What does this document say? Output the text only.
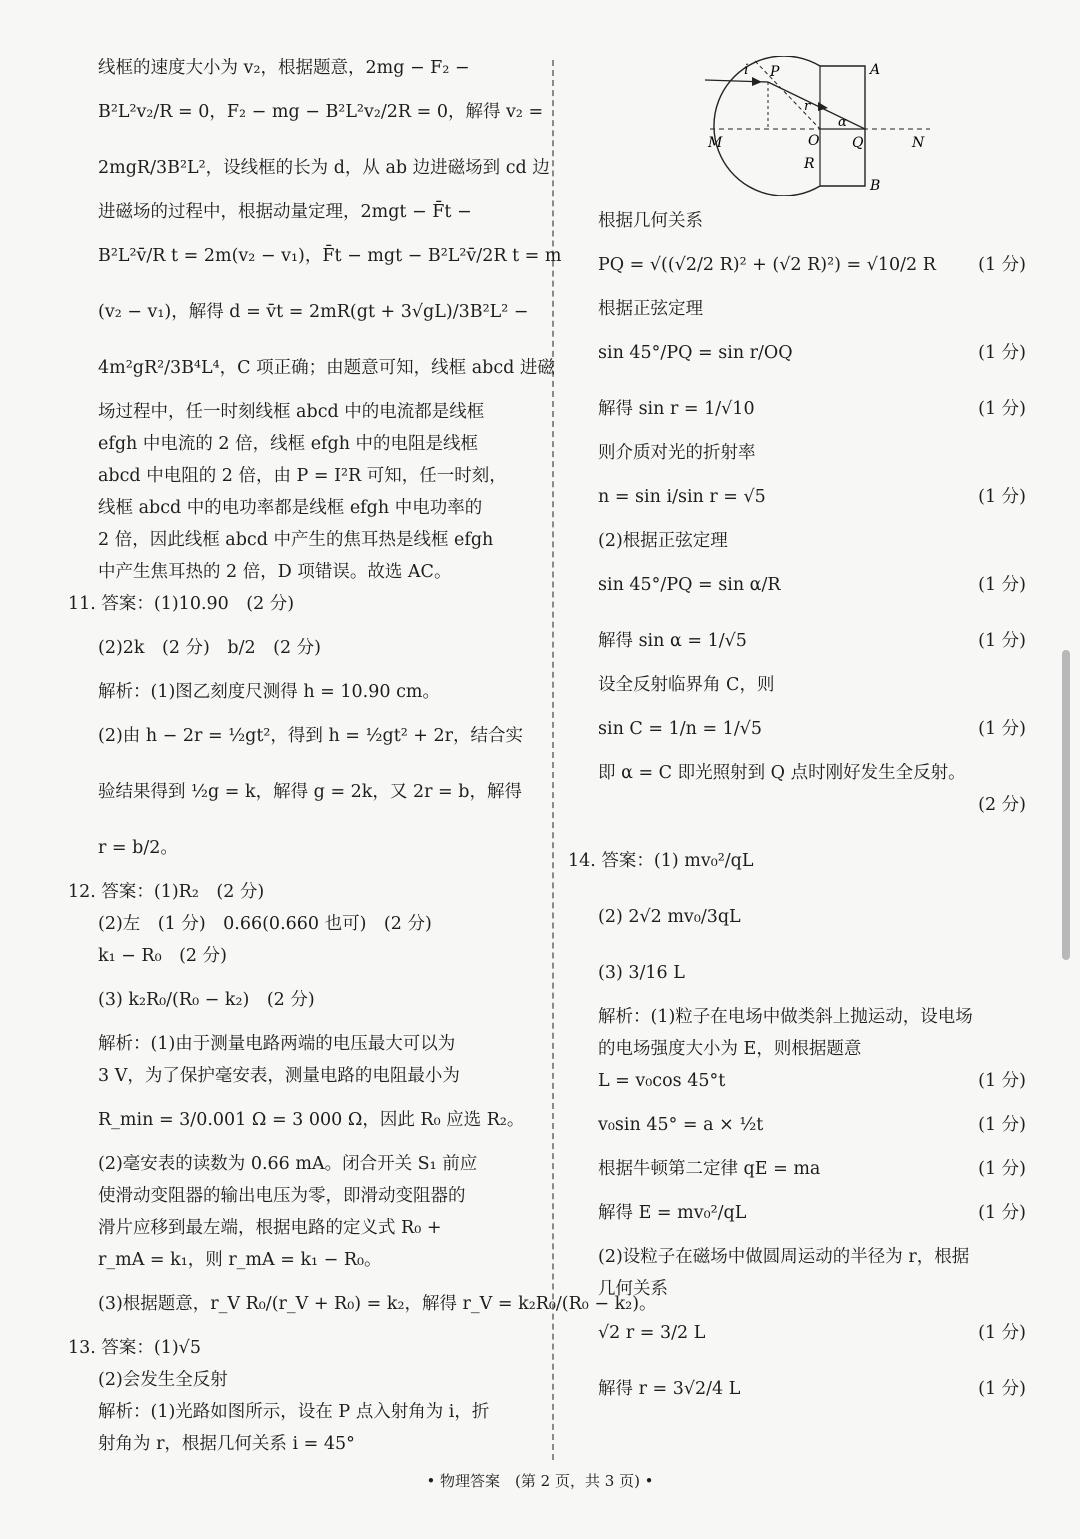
线框的速度大小为 v₂，根据题意，2mg − F₂ −
B²L²v₂/R = 0，F₂ − mg − B²L²v₂/2R = 0，解得 v₂ =
2mgR/3B²L²，设线框的长为 d，从 ab 边进磁场到 cd 边
进磁场的过程中，根据动量定理，2mgt − F̄t −
B²L²v̄/R t = 2m(v₂ − v₁)，F̄t − mgt − B²L²v̄/2R t = m
(v₂ − v₁)，解得 d = v̄t = 2mR(gt + 3√gL)/3B²L² −
4m²gR²/3B⁴L⁴，C 项正确；由题意可知，线框 abcd 进磁
场过程中，任一时刻线框 abcd 中的电流都是线框
efgh 中电流的 2 倍，线框 efgh 中的电阻是线框
abcd 中电阻的 2 倍，由 P = I²R 可知，任一时刻，
线框 abcd 中的电功率都是线框 efgh 中电功率的
2 倍，因此线框 abcd 中产生的焦耳热是线框 efgh
中产生焦耳热的 2 倍，D 项错误。故选 AC。
11. 答案：(1)10.90　(2 分)
(2)2k　(2 分)　b/2　(2 分)
解析：(1)图乙刻度尺测得 h = 10.90 cm。
(2)由 h − 2r = ½gt²，得到 h = ½gt² + 2r，结合实
验结果得到 ½g = k，解得 g = 2k，又 2r = b，解得
r = b/2。
12. 答案：(1)R₂　(2 分)
(2)左　(1 分)　0.66(0.660 也可)　(2 分)
k₁ − R₀　(2 分)
(3) k₂R₀/(R₀ − k₂)　(2 分)
解析：(1)由于测量电路两端的电压最大可以为
3 V，为了保护毫安表，测量电路的电阻最小为
R_min = 3/0.001 Ω = 3 000 Ω，因此 R₀ 应选 R₂。
(2)毫安表的读数为 0.66 mA。闭合开关 S₁ 前应
使滑动变阻器的输出电压为零，即滑动变阻器的
滑片应移到最左端，根据电路的定义式 R₀ +
r_mA = k₁，则 r_mA = k₁ − R₀。
(3)根据题意，r_V R₀/(r_V + R₀) = k₂，解得 r_V = k₂R₀/(R₀ − k₂)。
13. 答案：(1)√5
(2)会发生全反射
解析：(1)光路如图所示，设在 P 点入射角为 i，折
射角为 r，根据几何关系 i = 45°
i P	A
r
α
M	O Q	N
R
B
根据几何关系
PQ = √((√2/2 R)² + (√2 R)²) = √10/2 R (1 分)
根据正弦定理
sin 45°/PQ = sin r/OQ	(1 分)
解得 sin r = 1/√10	(1 分)
则介质对光的折射率
n = sin i/sin r = √5	(1 分)
(2)根据正弦定理
sin 45°/PQ = sin α/R	(1 分)
解得 sin α = 1/√5	(1 分)
设全反射临界角 C，则
sin C = 1/n = 1/√5	(1 分)
即 α = C 即光照射到 Q 点时刚好发生全反射。
(2 分)
14. 答案：(1) mv₀²/qL
(2) 2√2 mv₀/3qL
(3) 3/16 L
解析：(1)粒子在电场中做类斜上抛运动，设电场
的电场强度大小为 E，则根据题意
L = v₀cos 45°t	(1 分)
v₀sin 45° = a × ½t	(1 分)
根据牛顿第二定律 qE = ma	(1 分)
解得 E = mv₀²/qL	(1 分)
(2)设粒子在磁场中做圆周运动的半径为 r，根据
几何关系
√2 r = 3/2 L	(1 分)
解得 r = 3√2/4 L	(1 分)
• 物理答案　(第 2 页，共 3 页) •
